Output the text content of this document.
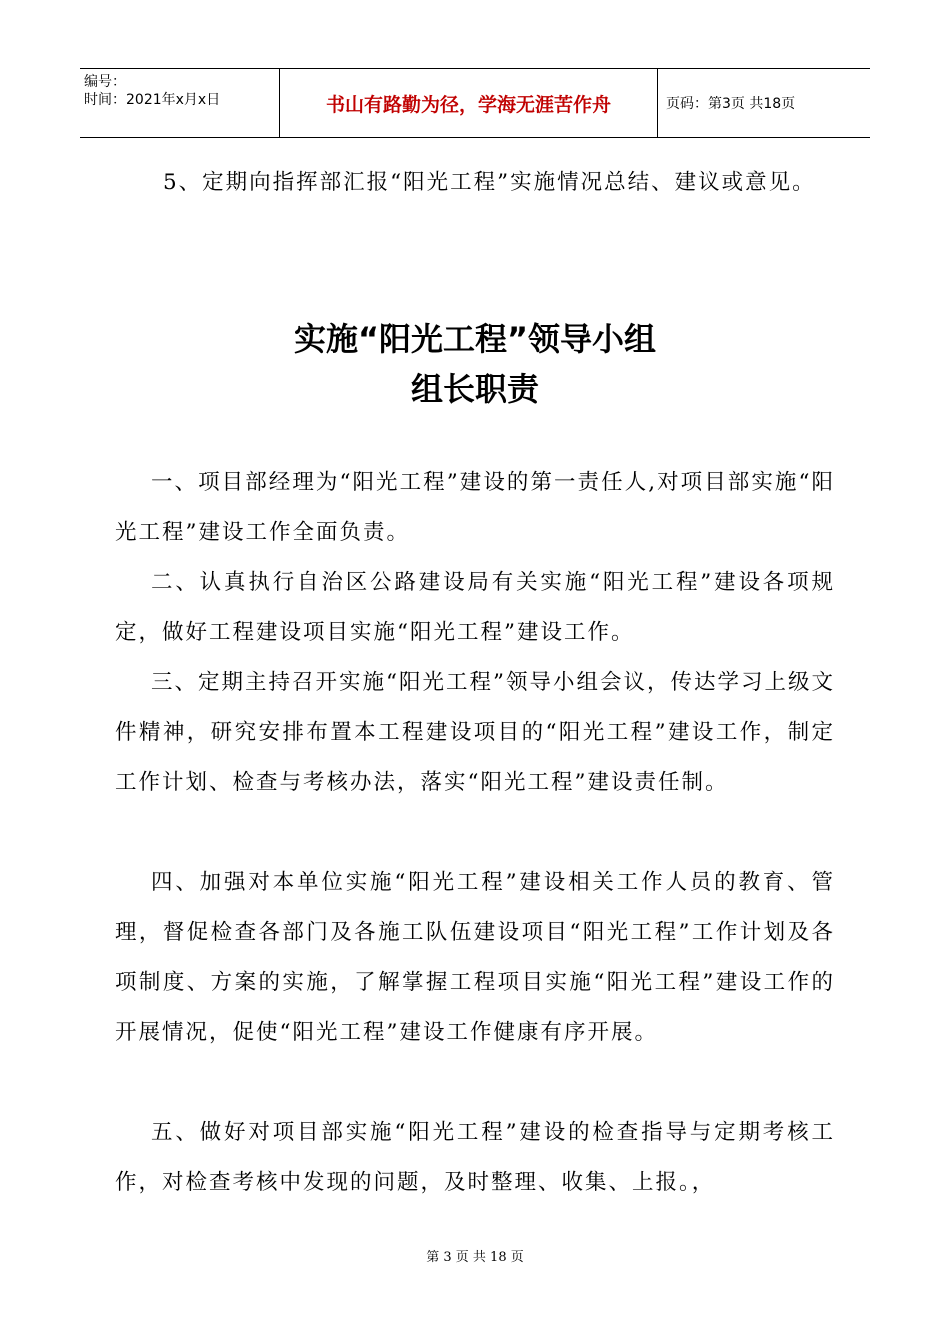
编号：
时间：2021年x月x日	书山有路勤为径，学海无涯苦作舟	页码：第3页 共18页

5、定期向指挥部汇报“阳光工程”实施情况总结、建议或意见。

实施“阳光工程”领导小组
组长职责

一、项目部经理为“阳光工程”建设的第一责任人,对项目部实施“阳光工程”建设工作全面负责。

二、认真执行自治区公路建设局有关实施“阳光工程”建设各项规定，做好工程建设项目实施“阳光工程”建设工作。

三、定期主持召开实施“阳光工程”领导小组会议，传达学习上级文件精神，研究安排布置本工程建设项目的“阳光工程”建设工作，制定工作计划、检查与考核办法，落实“阳光工程”建设责任制。

四、加强对本单位实施“阳光工程”建设相关工作人员的教育、管理，督促检查各部门及各施工队伍建设项目“阳光工程”工作计划及各项制度、方案的实施，了解掌握工程项目实施“阳光工程”建设工作的开展情况，促使“阳光工程”建设工作健康有序开展。

五、做好对项目部实施“阳光工程”建设的检查指导与定期考核工作，对检查考核中发现的问题，及时整理、收集、上报。，

第 3 页 共 18 页
